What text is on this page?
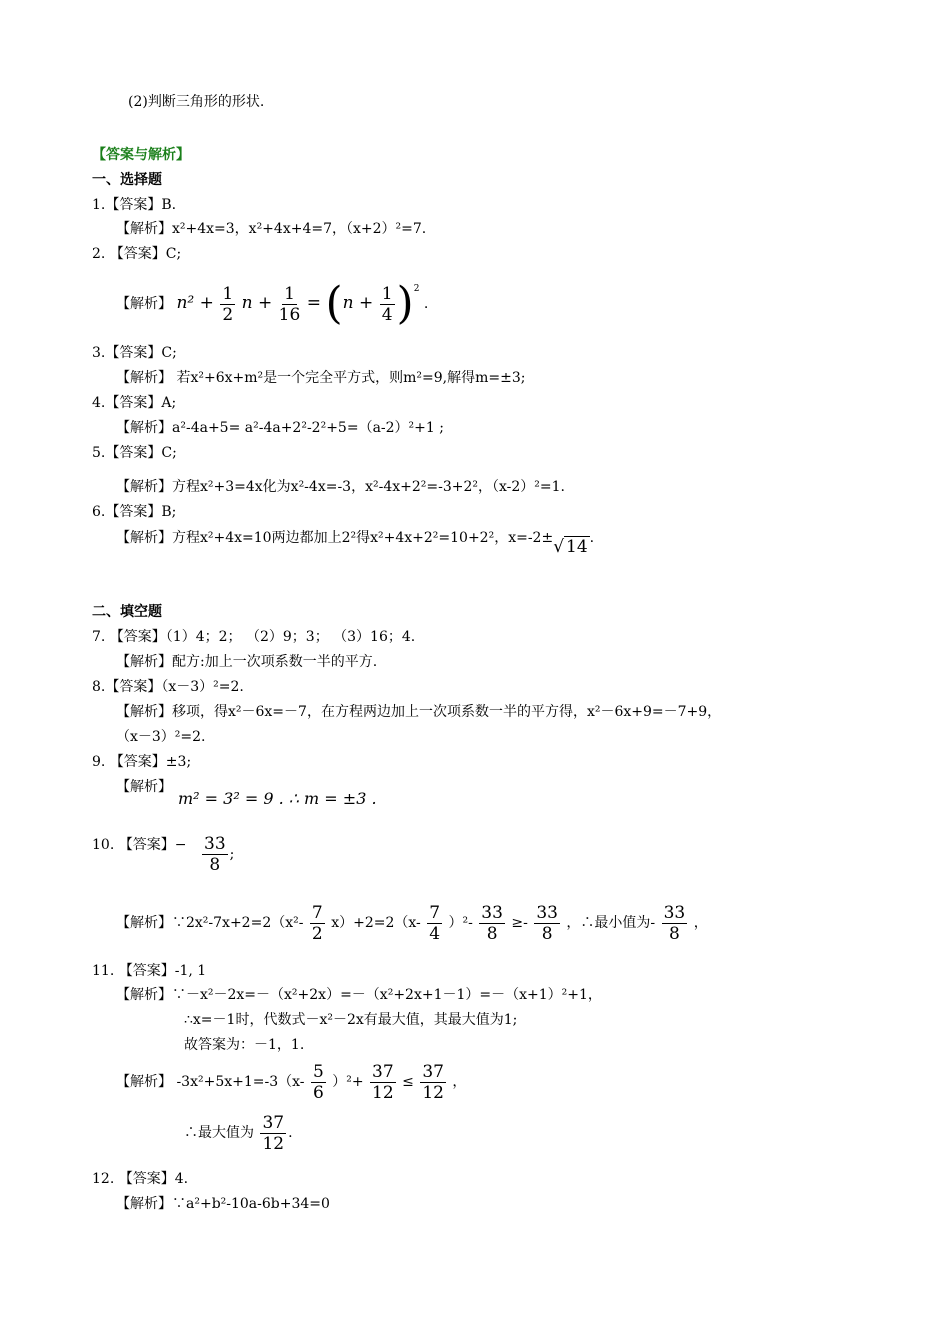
(2)判断三角形的形状.
【答案与解析】
一、选择题
1.【答案】B.
【解析】x²+4x=3，x²+4x+4=7，（x+2）²=7.
2. 【答案】C;
【解析】 $n^2 + \frac{1}{2}$ $n + \frac{1}{16} = (n + \frac{1}{4} )^2$ .
3.【答案】C;
【解析】 若x²+6x+m²是一个完全平方式，则m²=9,解得m=±3;
4.【答案】A;
【解析】a²-4a+5= a²-4a+2²-2²+5=（a-2）²+1 ;
5.【答案】C;
【解析】方程x²+3=4x化为x²-4x=-3，x²-4x+2²=-3+2²，（x-2）²=1.
6.【答案】B;
【解析】方程x²+4x=10两边都加上2²得x²+4x+2²=10+2²，x=-2±√ 14 .
二、填空题
7. 【答案】（1）4；2； （2）9；3； （3）16；4.
【解析】配方:加上一次项系数一半的平方.
8.【答案】（x－3）²=2.
【解析】移项，得x²－6x=－7，在方程两边加上一次项系数一半的平方得，x²－6x+9=－7+9，
（x－3）²=2.
9. 【答案】±3;
【解析】
m² = 3² = 9 . ∴ m = ±3 .
10. 【答案】− $\frac{33}{8}$ ;
【解析】∵2x²-7x+2=2（x²- $\frac{7}{2} x)+2=2(x- \frac{7}{4} )^2- \frac{33}{8} \ge- \frac{33}{8}$ ，∴最小值为- $\frac{33}{8}$ ，
11. 【答案】-1, 1
【解析】∵－x²－2x=－（x²+2x）=－（x²+2x+1－1）=－（x+1）²+1，
∴x=－1时，代数式－x²－2x有最大值，其最大值为1;
故答案为：－1，1.
【解析】 $-3x^2+5x+1=-3(x- \frac{5}{6} )^2+ \frac{37}{12} \le \frac{37}{12}$ ，
∴最大值为 $\frac{37}{12}$ .
12. 【答案】4.
【解析】∵a²+b²-10a-6b+34=0
